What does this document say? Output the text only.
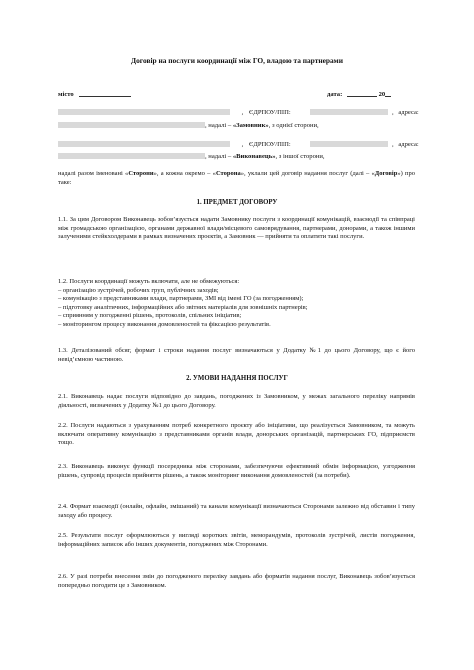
Договір на послуги координації між ГО, владою та партнерами
місто	дата:	20
, ЄДРПОУ/ПІП:	, адреса:
, надалі – «Замовник», з однієї сторони,
, ЄДРПОУ/ПІП:	, адреса:
, надалі – «Виконавець», з іншої сторони,

надалі разом іменовані «Сторони», а кожна окремо – «Сторона», уклали цей договір надання послуг (далі – «Договір») про таке:

1. ПРЕДМЕТ ДОГОВОРУ

1.1. За цим Договором Виконавець зобов’язується надати Замовнику послуги з координації комунікацій, взаємодії та співпраці між громадською організацією, органами державної влади/місцевого самоврядування, партнерами, донорами, а також іншими залученими стейкхолдерами в рамках визначених проєктів, а Замовник — прийняти та оплатити такі послуги.

1.2. Послуги координації можуть включати, але не обмежуються:

– організацію зустрічей, робочих груп, публічних заходів;

– комунікацію з представниками влади, партнерами, ЗМІ від імені ГО (за погодженням);

– підготовку аналітичних, інформаційних або звітних матеріалів для зовнішніх партнерів;

– сприянням у погодженні рішень, протоколів, спільних ініціатив;

– моніторингом процесу виконання домовленостей та фіксацією результатів.

1.3. Деталізований обсяг, формат і строки надання послуг визначаються у Додатку №1 до цього Договору, що є його невід’ємною частиною.

2. УМОВИ НАДАННЯ ПОСЛУГ

2.1. Виконавець надає послуги відповідно до завдань, погоджених із Замовником, у межах загального переліку напрямів діяльності, визначених у Додатку №1 до цього Договору.

2.2. Послуги надаються з урахуванням потреб конкретного проєкту або ініціативи, що реалізується Замовником, та можуть включати оперативну комунікацію з представниками органів влади, донорських організацій, партнерських ГО, підприємств тощо.

2.3. Виконавець виконує функції посередника між сторонами, забезпечуючи ефективний обмін інформацією, узгодження рішень, супровід процесів прийняття рішень, а також моніторинг виконання домовленостей (за потреби).

2.4. Формат взаємодії (онлайн, офлайн, змішаний) та канали комунікації визначаються Сторонами залежно від обставин і типу заходу або процесу.

2.5. Результати послуг оформлюються у вигляді коротких звітів, меморандумів, протоколів зустрічей, листів погодження, інформаційних записок або інших документів, погоджених між Сторонами.

2.6. У разі потреби внесення змін до погодженого переліку завдань або форматів надання послуг, Виконавець зобов’язується попередньо погодити це з Замовником.
